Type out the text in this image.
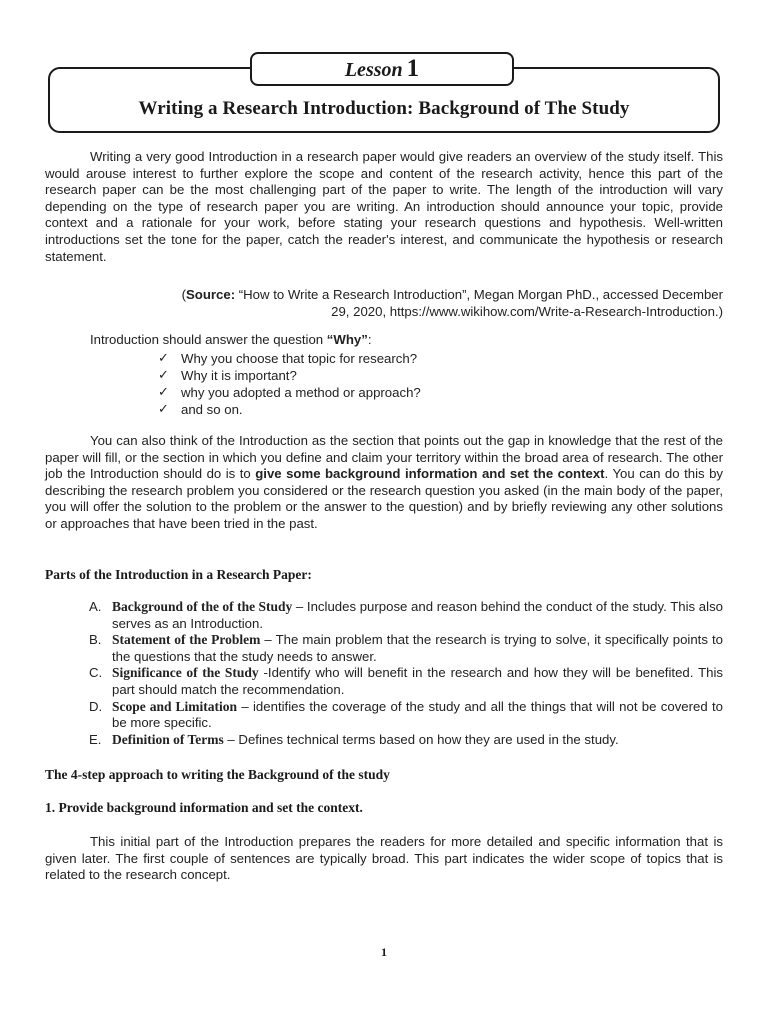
Lesson 1
Writing a Research Introduction: Background of The Study

Writing a very good Introduction in a research paper would give readers an overview of the study itself. This would arouse interest to further explore the scope and content of the research activity, hence this part of the research paper can be the most challenging part of the paper to write. The length of the introduction will vary depending on the type of research paper you are writing. An introduction should announce your topic, provide context and a rationale for your work, before stating your research questions and hypothesis. Well-written introductions set the tone for the paper, catch the reader's interest, and communicate the hypothesis or research statement.

(Source: “How to Write a Research Introduction”, Megan Morgan PhD., accessed December
29, 2020, https://www.wikihow.com/Write-a-Research-Introduction.)
Introduction should answer the question “Why”:
✓ Why you choose that topic for research?
✓ Why it is important?
✓ why you adopted a method or approach?
✓ and so on.

You can also think of the Introduction as the section that points out the gap in knowledge that the rest of the paper will fill, or the section in which you define and claim your territory within the broad area of research. The other job the Introduction should do is to give some background information and set the context. You can do this by describing the research problem you considered or the research question you asked (in the main body of the paper, you will offer the solution to the problem or the answer to the question) and by briefly reviewing any other solutions or approaches that have been tried in the past.

Parts of the Introduction in a Research Paper:
A. Background of the of the Study – Includes purpose and reason behind the conduct of the study. This also serves as an Introduction.
B. Statement of the Problem – The main problem that the research is trying to solve, it specifically points to the questions that the study needs to answer.
C. Significance of the Study -Identify who will benefit in the research and how they will be benefited. This part should match the recommendation.
D. Scope and Limitation – identifies the coverage of the study and all the things that will not be covered to be more specific.
E. Definition of Terms – Defines technical terms based on how they are used in the study.
The 4-step approach to writing the Background of the study
1. Provide background information and set the context.

This initial part of the Introduction prepares the readers for more detailed and specific information that is given later. The first couple of sentences are typically broad. This part indicates the wider scope of topics that is related to the research concept.

1
